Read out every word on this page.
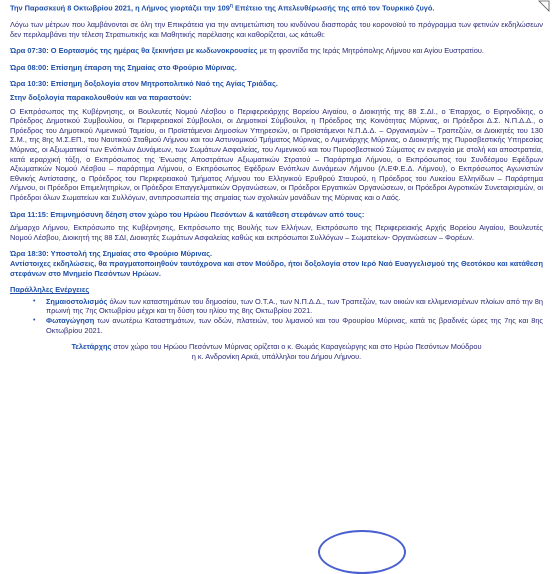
Την Παρασκευή 8 Οκτωβρίου 2021, η Λήμνος γιορτάζει την $109^\eta$ Επέτειο της Απελευθέρωσής της από τον Τουρκικό ζυγό.

Λόγω των μέτρων που λαμβάνονται σε όλη την Επικράτεια για την αντιμετώπιση του κινδύνου διασποράς του κορονοϊού το πρόγραμμα των φετινών εκδηλώσεων δεν περιλαμβάνει την τέλεση Στρατιωτικής και Μαθητικής παρέλασης και καθορίζεται, ως κάτωθι:

Ώρα 07:30: Ο Εορτασμός της ημέρας θα ξεκινήσει με κωδωνοκρουσίες με τη φροντίδα της Ιεράς Μητρόπολης Λήμνου και Αγίου Ευστρατίου.

Ώρα 08:00: Επίσημη έπαρση της Σημαίας στο Φρούριο Μύρινας.

Ώρα 10:30: Επίσημη δοξολογία στον Μητροπολιτικό Ναό της Αγίας Τριάδας.

Στην δοξολογία παρακολουθούν και να παραστούν:

Ο Εκπρόσωπος της Κυβέρνησης, οι Βουλευτές Νομού Λέσβου ο Περιφερειάρχης Βορείου Αιγαίου, ο Διοικητής της 88 Σ.ΔΙ., ο Έπαρχος, ο Ειρηνοδίκης, ο Πρόεδρος Δημοτικού Συμβουλίου, οι Περιφερειακοί Σύμβουλοι, οι Δημοτικοί Σύμβουλοι, η Πρόεδρος της Κοινότητας Μύρινας, οι Πρόεδροι Δ.Σ. Ν.Π.Δ.Δ., ο Πρόεδρος του Δημοτικού Λιμενικού Ταμείου, οι Προϊστάμενοι Δημοσίων Υπηρεσιών, οι Προϊστάμενοι Ν.Π.Δ.Δ. – Οργανισμών – Τραπεζών, οι Διοικητές του 130 Σ.Μ., της 8ης Μ.Σ.ΕΠ., του Ναυτικού Σταθμού Λήμνου και του Αστυνομικού Τμήματος Μύρινας, ο Λιμενάρχης Μύρινας, ο Διοικητής της Πυροσβεστικής Υπηρεσίας Μύρινας, οι Αξιωματικοί των Ενόπλων Δυνάμεων, των Σωμάτων Ασφαλείας, του Λιμενικού και του Πυροσβεστικού Σώματος εν ενεργεία με στολή και αποστρατεία, κατά ιεραρχική τάξη, ο Εκπρόσωπος της Ένωσης Αποστράτων Αξιωματικών Στρατού – Παράρτημα Λήμνου, ο Εκπρόσωπος του Συνδέσμου Εφέδρων Αξιωματικών Νομού Λέσβου – παράρτημα Λήμνου, ο Εκπρόσωπος Εφέδρων Ενόπλων Δυνάμεων Λήμνου (Λ.ΕΦ.Ε.Δ. Λήμνου), ο Εκπρόσωπος Αγωνιστών Εθνικής Αντίστασης, ο Πρόεδρος του Περιφερειακού Τμήματος Λήμνου του Ελληνικού Ερυθρού Σταυρού, η Πρόεδρος του Λυκείου Ελληνίδων – Παράρτημα Λήμνου, οι Πρόεδροι Επιμελητηρίων, οι Πρόεδροι Επαγγελματικών Οργανώσεων, οι Πρόεδροι Εργατικών Οργανώσεων, οι Πρόεδροι Αγροτικών Συνεταιρισμών, οι Πρόεδροι όλων Σωματείων και Συλλόγων, αντιπροσωπεία της σημαίας των σχολικών μονάδων της Μύρινας και ο Λαός.

Ώρα 11:15: Επιμνημόσυνη δέηση στον χώρο του Ηρώου Πεσόντων & κατάθεση στεφάνων από τους:

Δήμαρχο Λήμνου, Εκπρόσωπο της Κυβέρνησης, Εκπρόσωπο της Βουλής των Ελλήνων, Εκπρόσωπο της Περιφερειακής Αρχής Βορείου Αιγαίου, Βουλευτές Νομού Λέσβου, Διοικητή της 88 ΣΔΙ, Διοικητές Σωμάτων Ασφαλείας καθώς και εκπρόσωποι Συλλόγων – Σωματείων- Οργανώσεων – Φορέων.

Ώρα 18:30: Υποστολή της Σημαίας στο Φρούριο Μύρινας.

Αντίστοιχες εκδηλώσεις, θα πραγματοποιηθούν ταυτόχρονα και στον Μούδρο, ήτοι δοξολογία στον Ιερό Ναό Ευαγγελισμού της Θεοτόκου και κατάθεση στεφάνων στο Μνημείο Πεσόντων Ηρώων.

Παράλληλες Ενέργειες

• Σημαιοστολισμός όλων των καταστημάτων του δημοσίου, των Ο.Τ.Α., των Ν.Π.Δ.Δ., των Τραπεζών, των οικιών και ελλιμενισμένων πλοίων από την 8η πρωινή της 7ης Οκτωβρίου μέχρι και τη δύση του ηλίου της 8ης Οκτωβρίου 2021.
• Φωταγώγηση των ανωτέρω Καταστημάτων, των οδών, πλατειών, του λιμανιού και του Φρουρίου Μύρινας, κατά τις βραδινές ώρες της 7ης και 8ης Οκτωβρίου 2021.

Τελετάρχης στον χώρο του Ηρώου Πεσόντων Μύρινας ορίζεται ο κ. Θωμάς Καραγεώργης και στο Ηρώο Πεσόντων Μούδρου η κ. Ανδρονίκη Αρκά, υπάλληλοι του Δήμου Λήμνου.
